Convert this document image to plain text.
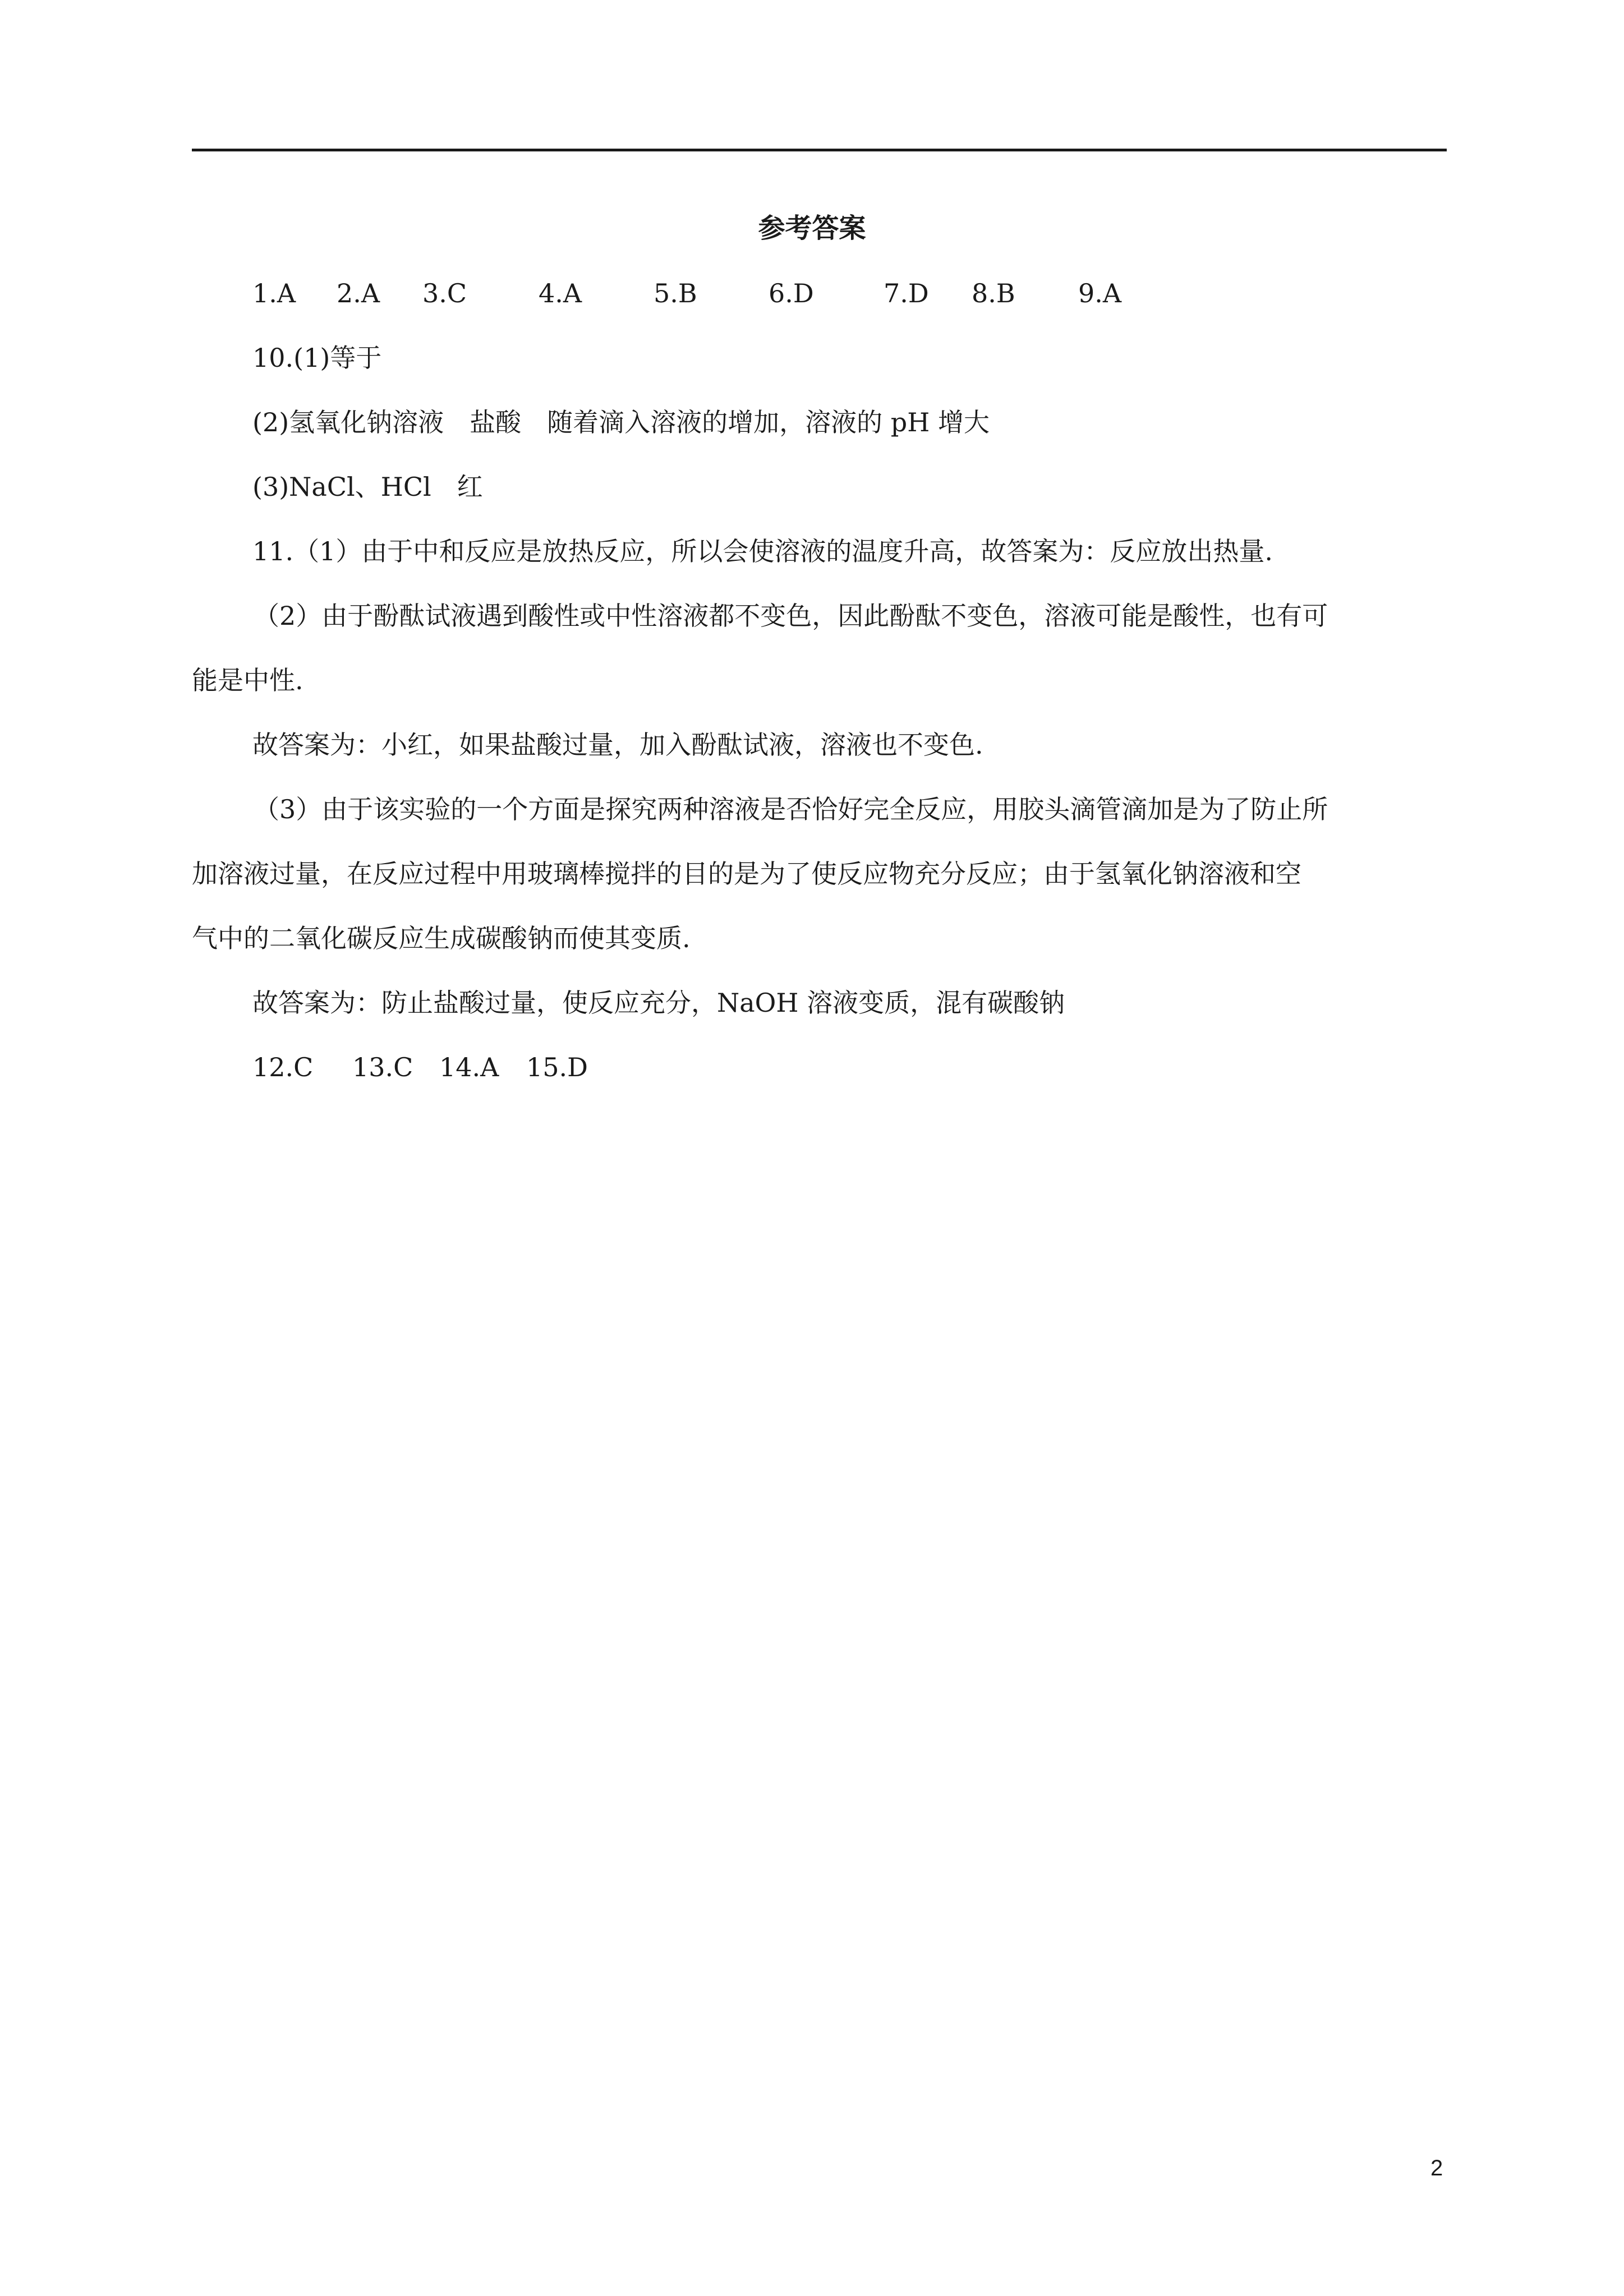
参考答案
1.A 2.A 3.C	4.A	5.B	6.D	7.D 8.B 9.A

10.(1)等于

(2)氢氧化钠溶液　盐酸　随着滴入溶液的增加，溶液的 pH 增大

(3)NaCl、HCl　红

11.（1）由于中和反应是放热反应，所以会使溶液的温度升高，故答案为：反应放出热量.

（2）由于酚酞试液遇到酸性或中性溶液都不变色，因此酚酞不变色，溶液可能是酸性，也有可

能是中性.

故答案为：小红，如果盐酸过量，加入酚酞试液，溶液也不变色.

（3）由于该实验的一个方面是探究两种溶液是否恰好完全反应，用胶头滴管滴加是为了防止所

加溶液过量，在反应过程中用玻璃棒搅拌的目的是为了使反应物充分反应；由于氢氧化钠溶液和空

气中的二氧化碳反应生成碳酸钠而使其变质.

故答案为：防止盐酸过量，使反应充分，NaOH 溶液变质，混有碳酸钠

12.C 13.C 14.A 15.D
2
